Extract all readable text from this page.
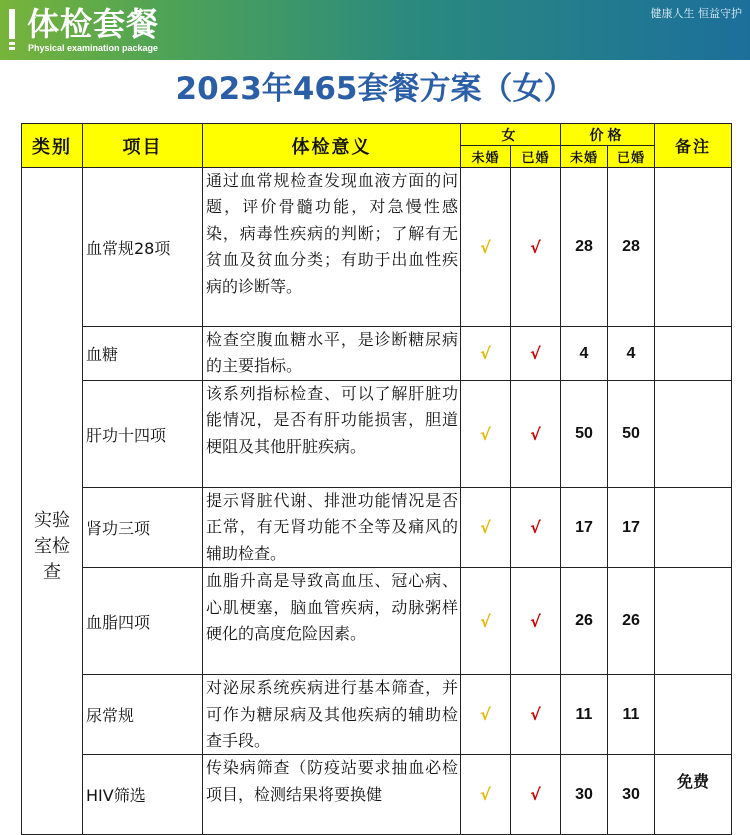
体检套餐
Physical examination package
健康人生 恒益守护
2023年465套餐方案（女）
类别	项目	体检意义	女		价格		备注
			未婚	已婚	未婚	已婚	

实验室检查	血常规28项	通过血常规检查发现血液方面的问题，评价骨髓功能，对急慢性感染，病毒性疾病的判断；了解有无贫血及贫血分类；有助于出血性疾病的诊断等。	√	√	28	28	
	血糖	检查空腹血糖水平，是诊断糖尿病的主要指标。	√	√	4	4	
	肝功十四项	该系列指标检查、可以了解肝脏功能情况，是否有肝功能损害，胆道梗阻及其他肝脏疾病。	√	√	50	50	
	肾功三项	提示肾脏代谢、排泄功能情况是否正常，有无肾功能不全等及痛风的辅助检查。	√	√	17	17	
	血脂四项	血脂升高是导致高血压、冠心病、心肌梗塞，脑血管疾病，动脉粥样硬化的高度危险因素。	√	√	26	26	
	尿常规	对泌尿系统疾病进行基本筛查，并可作为糖尿病及其他疾病的辅助检查手段。	√	√	11	11	
	HIV筛选	传染病筛查（防疫站要求抽血必检项目，检测结果将要换健	√	√	30	30	免费
